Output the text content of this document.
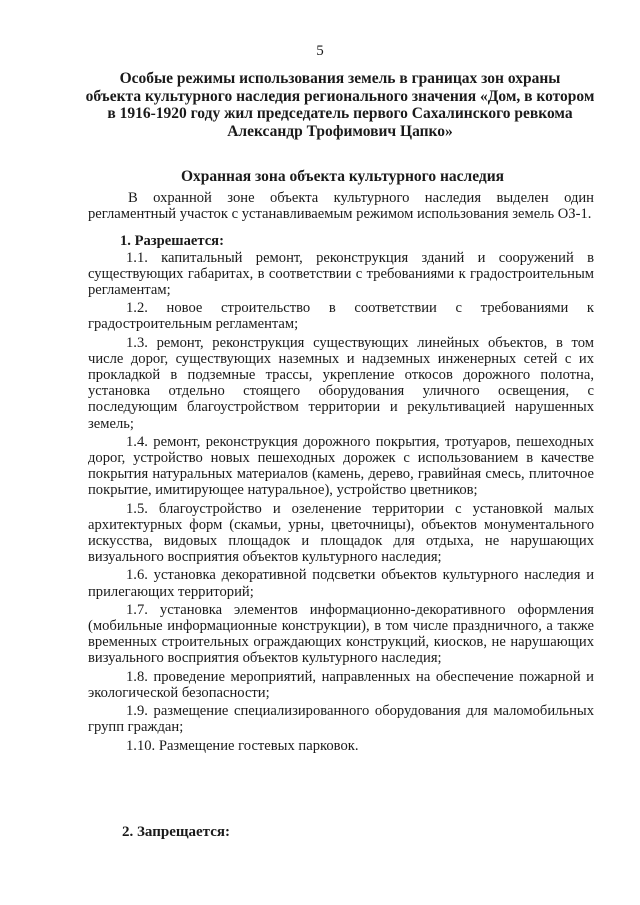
5
Особые режимы использования земель в границах зон охраны
объекта культурного наследия регионального значения «Дом, в котором
в 1916-1920 году жил председатель первого Сахалинского ревкома
Александр Трофимович Цапко»
Охранная зона объекта культурного наследия

В охранной зоне объекта культурного наследия выделен один регламентный участок с устанавливаемым режимом использования земель ОЗ-1.

1. Разрешается:

1.1. капитальный ремонт, реконструкция зданий и сооружений в существующих габаритах, в соответствии с требованиями к градостроительным регламентам;

1.2. новое строительство в соответствии с требованиями к градостроительным регламентам;

1.3. ремонт, реконструкция существующих линейных объектов, в том числе дорог, существующих наземных и надземных инженерных сетей с их прокладкой в подземные трассы, укрепление откосов дорожного полотна, установка отдельно стоящего оборудования уличного освещения, с последующим благоустройством территории и рекультивацией нарушенных земель;

1.4. ремонт, реконструкция дорожного покрытия, тротуаров, пешеходных дорог, устройство новых пешеходных дорожек с использованием в качестве покрытия натуральных материалов (камень, дерево, гравийная смесь, плиточное покрытие, имитирующее натуральное), устройство цветников;

1.5. благоустройство и озеленение территории с установкой малых архитектурных форм (скамьи, урны, цветочницы), объектов монументального искусства, видовых площадок и площадок для отдыха, не нарушающих визуального восприятия объектов культурного наследия;

1.6. установка декоративной подсветки объектов культурного наследия и прилегающих территорий;

1.7. установка элементов информационно-декоративного оформления (мобильные информационные конструкции), в том числе праздничного, а также временных строительных ограждающих конструкций, киосков, не нарушающих визуального восприятия объектов культурного наследия;

1.8. проведение мероприятий, направленных на обеспечение пожарной и экологической безопасности;

1.9. размещение специализированного оборудования для маломобильных групп граждан;

1.10. Размещение гостевых парковок.

2. Запрещается:
